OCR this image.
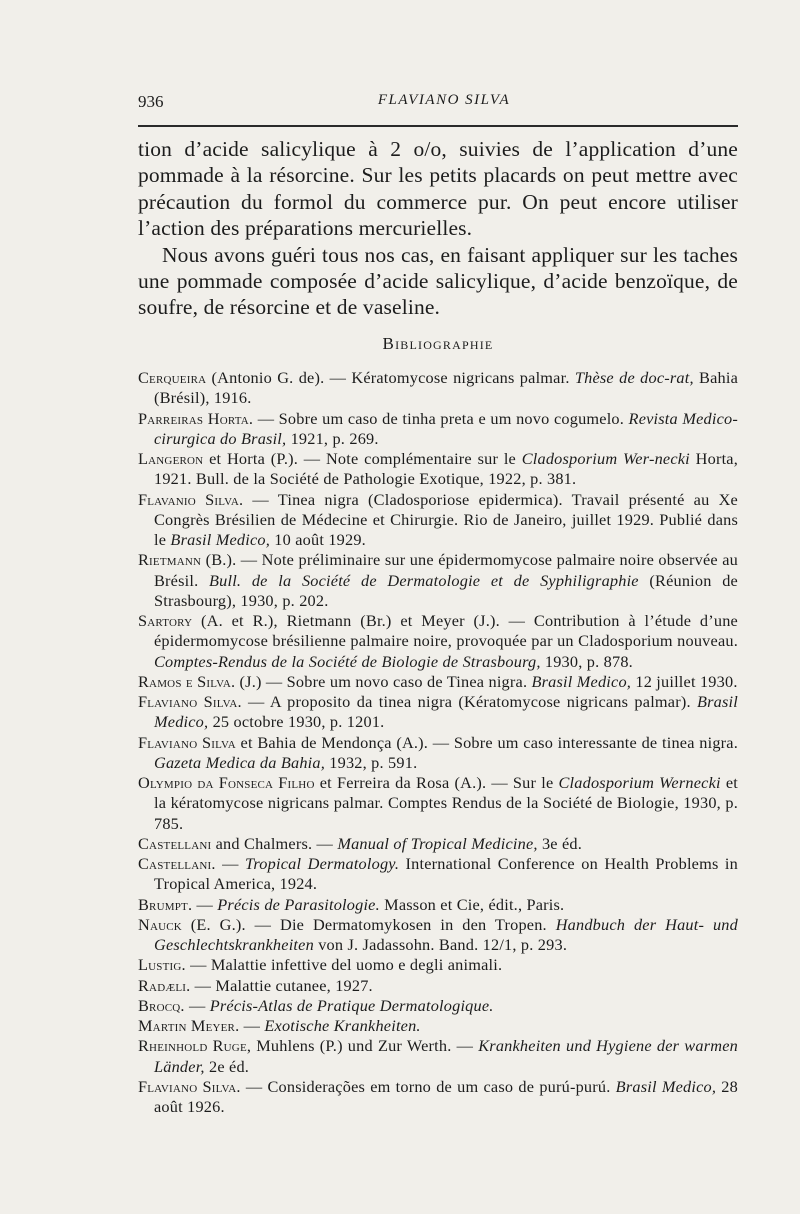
936	FLAVIANO SILVA

tion d’acide salicylique à 2 o/o, suivies de l’application d’une pommade à la résorcine. Sur les petits placards on peut mettre avec précaution du formol du commerce pur. On peut encore utiliser l’action des préparations mercurielles.

Nous avons guéri tous nos cas, en faisant appliquer sur les taches une pommade composée d’acide salicylique, d’acide benzoïque, de soufre, de résorcine et de vaseline.

Bibliographie

Cerqueira (Antonio G. de). — Kératomycose nigricans palmar. Thèse de doc-rat, Bahia (Brésil), 1916.

Parreiras Horta. — Sobre um caso de tinha preta e um novo cogumelo. Revista Medico-cirurgica do Brasil, 1921, p. 269.

Langeron et Horta (P.). — Note complémentaire sur le Cladosporium Wer-necki Horta, 1921. Bull. de la Société de Pathologie Exotique, 1922, p. 381.

Flavanio Silva. — Tinea nigra (Cladosporiose epidermica). Travail présenté au Xe Congrès Brésilien de Médecine et Chirurgie. Rio de Janeiro, juillet 1929. Publié dans le Brasil Medico, 10 août 1929.

Rietmann (B.). — Note préliminaire sur une épidermomycose palmaire noire observée au Brésil. Bull. de la Société de Dermatologie et de Syphiligraphie (Réunion de Strasbourg), 1930, p. 202.

Sartory (A. et R.), Rietmann (Br.) et Meyer (J.). — Contribution à l’étude d’une épidermomycose brésilienne palmaire noire, provoquée par un Cladosporium nouveau. Comptes-Rendus de la Société de Biologie de Strasbourg, 1930, p. 878.

Ramos e Silva. (J.) — Sobre um novo caso de Tinea nigra. Brasil Medico, 12 juillet 1930.

Flaviano Silva. — A proposito da tinea nigra (Kératomycose nigricans palmar). Brasil Medico, 25 octobre 1930, p. 1201.

Flaviano Silva et Bahia de Mendonça (A.). — Sobre um caso interessante de tinea nigra. Gazeta Medica da Bahia, 1932, p. 591.

Olympio da Fonseca Filho et Ferreira da Rosa (A.). — Sur le Cladosporium Wernecki et la kératomycose nigricans palmar. Comptes Rendus de la Société de Biologie, 1930, p. 785.

Castellani and Chalmers. — Manual of Tropical Medicine, 3e éd.

Castellani. — Tropical Dermatology. International Conference on Health Problems in Tropical America, 1924.

Brumpt. — Précis de Parasitologie. Masson et Cie, édit., Paris.

Nauck (E. G.). — Die Dermatomykosen in den Tropen. Handbuch der Haut- und Geschlechtskrankheiten von J. Jadassohn. Band. 12/1, p. 293.

Lustig. — Malattie infettive del uomo e degli animali.

Radæli. — Malattie cutanee, 1927.

Brocq. — Précis-Atlas de Pratique Dermatologique.

Martin Meyer. — Exotische Krankheiten.

Rheinhold Ruge, Muhlens (P.) und Zur Werth. — Krankheiten und Hygiene der warmen Länder, 2e éd.

Flaviano Silva. — Considerações em torno de um caso de purú-purú. Brasil Medico, 28 août 1926.
